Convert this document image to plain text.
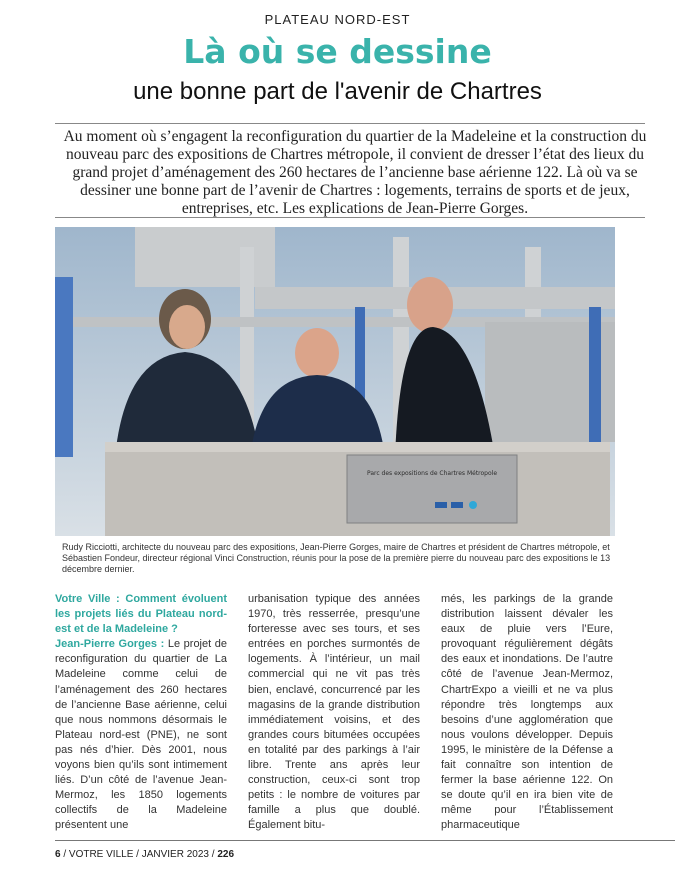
PLATEAU NORD-EST
Là où se dessine
une bonne part de l'avenir de Chartres
Au moment où s’engagent la reconfiguration du quartier de la Madeleine et la construction du nouveau parc des expositions de Chartres métropole, il convient de dresser l’état des lieux du grand projet d’aménagement des 260 hectares de l’ancienne base aérienne 122. Là où va se dessiner une bonne part de l’avenir de Chartres : logements, terrains de sports et de jeux, entreprises, etc. Les explications de Jean-Pierre Gorges.
Parc des expositions de Chartres Métropole
Rudy Ricciotti, architecte du nouveau parc des expositions, Jean-Pierre Gorges, maire de Chartres et président de Chartres métropole, et Sébastien Fondeur, directeur régional Vinci Construction, réunis pour la pose de la première pierre du nouveau parc des expositions le 13 décembre dernier.
Votre Ville : Comment évoluent les projets liés du Plateau nord-est et de la Madeleine ?
Jean-Pierre Gorges : Le projet de reconfiguration du quartier de La Madeleine comme celui de l’aménagement des 260 hectares de l’ancienne Base aérienne, celui que nous nommons désormais le Plateau nord-est (PNE), ne sont pas nés d’hier. Dès 2001, nous voyons bien qu’ils sont intimement liés. D’un côté de l’avenue Jean-Mermoz, les 1850 logements collectifs de la Madeleine présentent une
urbanisation typique des années 1970, très resserrée, presqu’une forteresse avec ses tours, et ses entrées en porches surmontés de logements. À l’intérieur, un mail commercial qui ne vit pas très bien, enclavé, concurrencé par les magasins de la grande distribution immédiatement voisins, et des grandes cours bitumées occupées en totalité par des parkings à l’air libre. Trente ans après leur construction, ceux-ci sont trop petits : le nombre de voitures par famille a plus que doublé. Également bitu-
més, les parkings de la grande distribution laissent dévaler les eaux de pluie vers l’Eure, provoquant régulièrement dégâts des eaux et inondations. De l’autre côté de l’avenue Jean-Mermoz, ChartrExpo a vieilli et ne va plus répondre très longtemps aux besoins d’une agglomération que nous voulons développer. Depuis 1995, le ministère de la Défense a fait connaître son intention de fermer la base aérienne 122. On se doute qu’il en ira bien vite de même pour l’Établissement pharmaceutique
6 / VOTRE VILLE / JANVIER 2023 / 226
